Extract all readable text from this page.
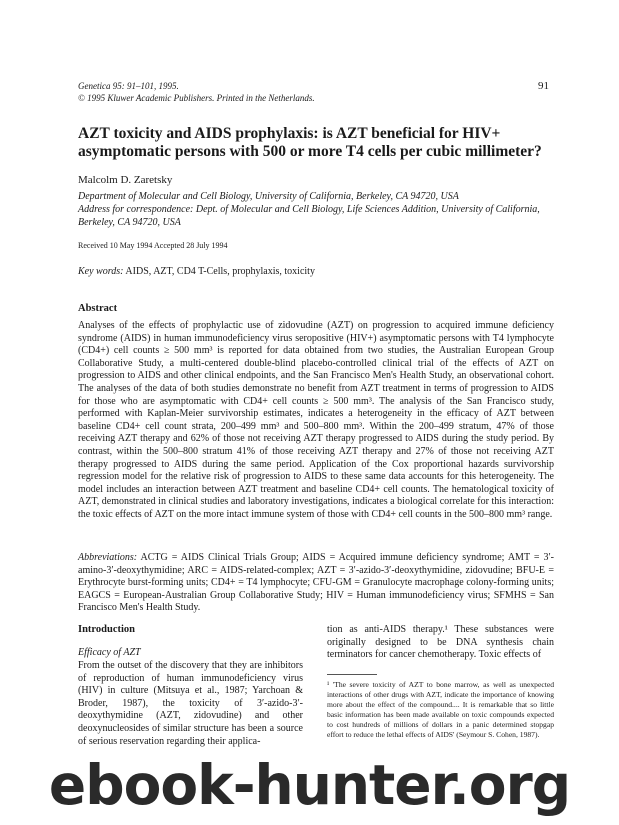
Genetica 95: 91–101, 1995.
© 1995 Kluwer Academic Publishers. Printed in the Netherlands.
91
AZT toxicity and AIDS prophylaxis: is AZT beneficial for HIV+ asymptomatic persons with 500 or more T4 cells per cubic millimeter?
Malcolm D. Zaretsky
Department of Molecular and Cell Biology, University of California, Berkeley, CA 94720, USA
Address for correspondence: Dept. of Molecular and Cell Biology, Life Sciences Addition, University of California, Berkeley, CA 94720, USA
Received 10 May 1994 Accepted 28 July 1994
Key words: AIDS, AZT, CD4 T-Cells, prophylaxis, toxicity
Abstract

Analyses of the effects of prophylactic use of zidovudine (AZT) on progression to acquired immune deficiency syndrome (AIDS) in human immunodeficiency virus seropositive (HIV+) asymptomatic persons with T4 lymphocyte (CD4+) cell counts ≥ 500 mm³ is reported for data obtained from two studies, the Australian European Group Collaborative Study, a multi-centered double-blind placebo-controlled clinical trial of the effects of AZT on progression to AIDS and other clinical endpoints, and the San Francisco Men's Health Study, an observational cohort. The analyses of the data of both studies demonstrate no benefit from AZT treatment in terms of progression to AIDS for those who are asymptomatic with CD4+ cell counts ≥ 500 mm³. The analysis of the San Francisco study, performed with Kaplan-Meier survivorship estimates, indicates a heterogeneity in the efficacy of AZT between baseline CD4+ cell count strata, 200–499 mm³ and 500–800 mm³. Within the 200–499 stratum, 47% of those receiving AZT therapy and 62% of those not receiving AZT therapy progressed to AIDS during the study period. By contrast, within the 500–800 stratum 41% of those receiving AZT therapy and 27% of those not receiving AZT therapy progressed to AIDS during the same period. Application of the Cox proportional hazards survivorship regression model for the relative risk of progression to AIDS to these same data accounts for this heterogeneity. The model includes an interaction between AZT treatment and baseline CD4+ cell counts. The hematological toxicity of AZT, demonstrated in clinical studies and laboratory investigations, indicates a biological correlate for this interaction: the toxic effects of AZT on the more intact immune system of those with CD4+ cell counts in the 500–800 mm³ range.

Abbreviations: ACTG = AIDS Clinical Trials Group; AIDS = Acquired immune deficiency syndrome; AMT = 3′-amino-3′-deoxythymidine; ARC = AIDS-related-complex; AZT = 3′-azido-3′-deoxythymidine, zidovudine; BFU-E = Erythrocyte burst-forming units; CD4+ = T4 lymphocyte; CFU-GM = Granulocyte macrophage colony-forming units; EAGCS = European-Australian Group Collaborative Study; HIV = Human immunodeficiency virus; SFMHS = San Francisco Men's Health Study.

Introduction
Efficacy of AZT

From the outset of the discovery that they are inhibitors of reproduction of human immunodeficiency virus (HIV) in culture (Mitsuya et al., 1987; Yarchoan & Broder, 1987), the toxicity of 3′-azido-3′-deoxythymidine (AZT, zidovudine) and other deoxynucleosides of similar structure has been a source of serious reservation regarding their applica-

tion as anti-AIDS therapy.¹ These substances were originally designed to be DNA synthesis chain terminators for cancer chemotherapy. Toxic effects of

¹ 'The severe toxicity of AZT to bone marrow, as well as unexpected interactions of other drugs with AZT, indicate the importance of knowing more about the effect of the compound.... It is remarkable that so little basic information has been made available on toxic compounds expected to cost hundreds of millions of dollars in a panic determined stopgap effort to reduce the lethal effects of AIDS' (Seymour S. Cohen, 1987).

ebook-hunter.org
